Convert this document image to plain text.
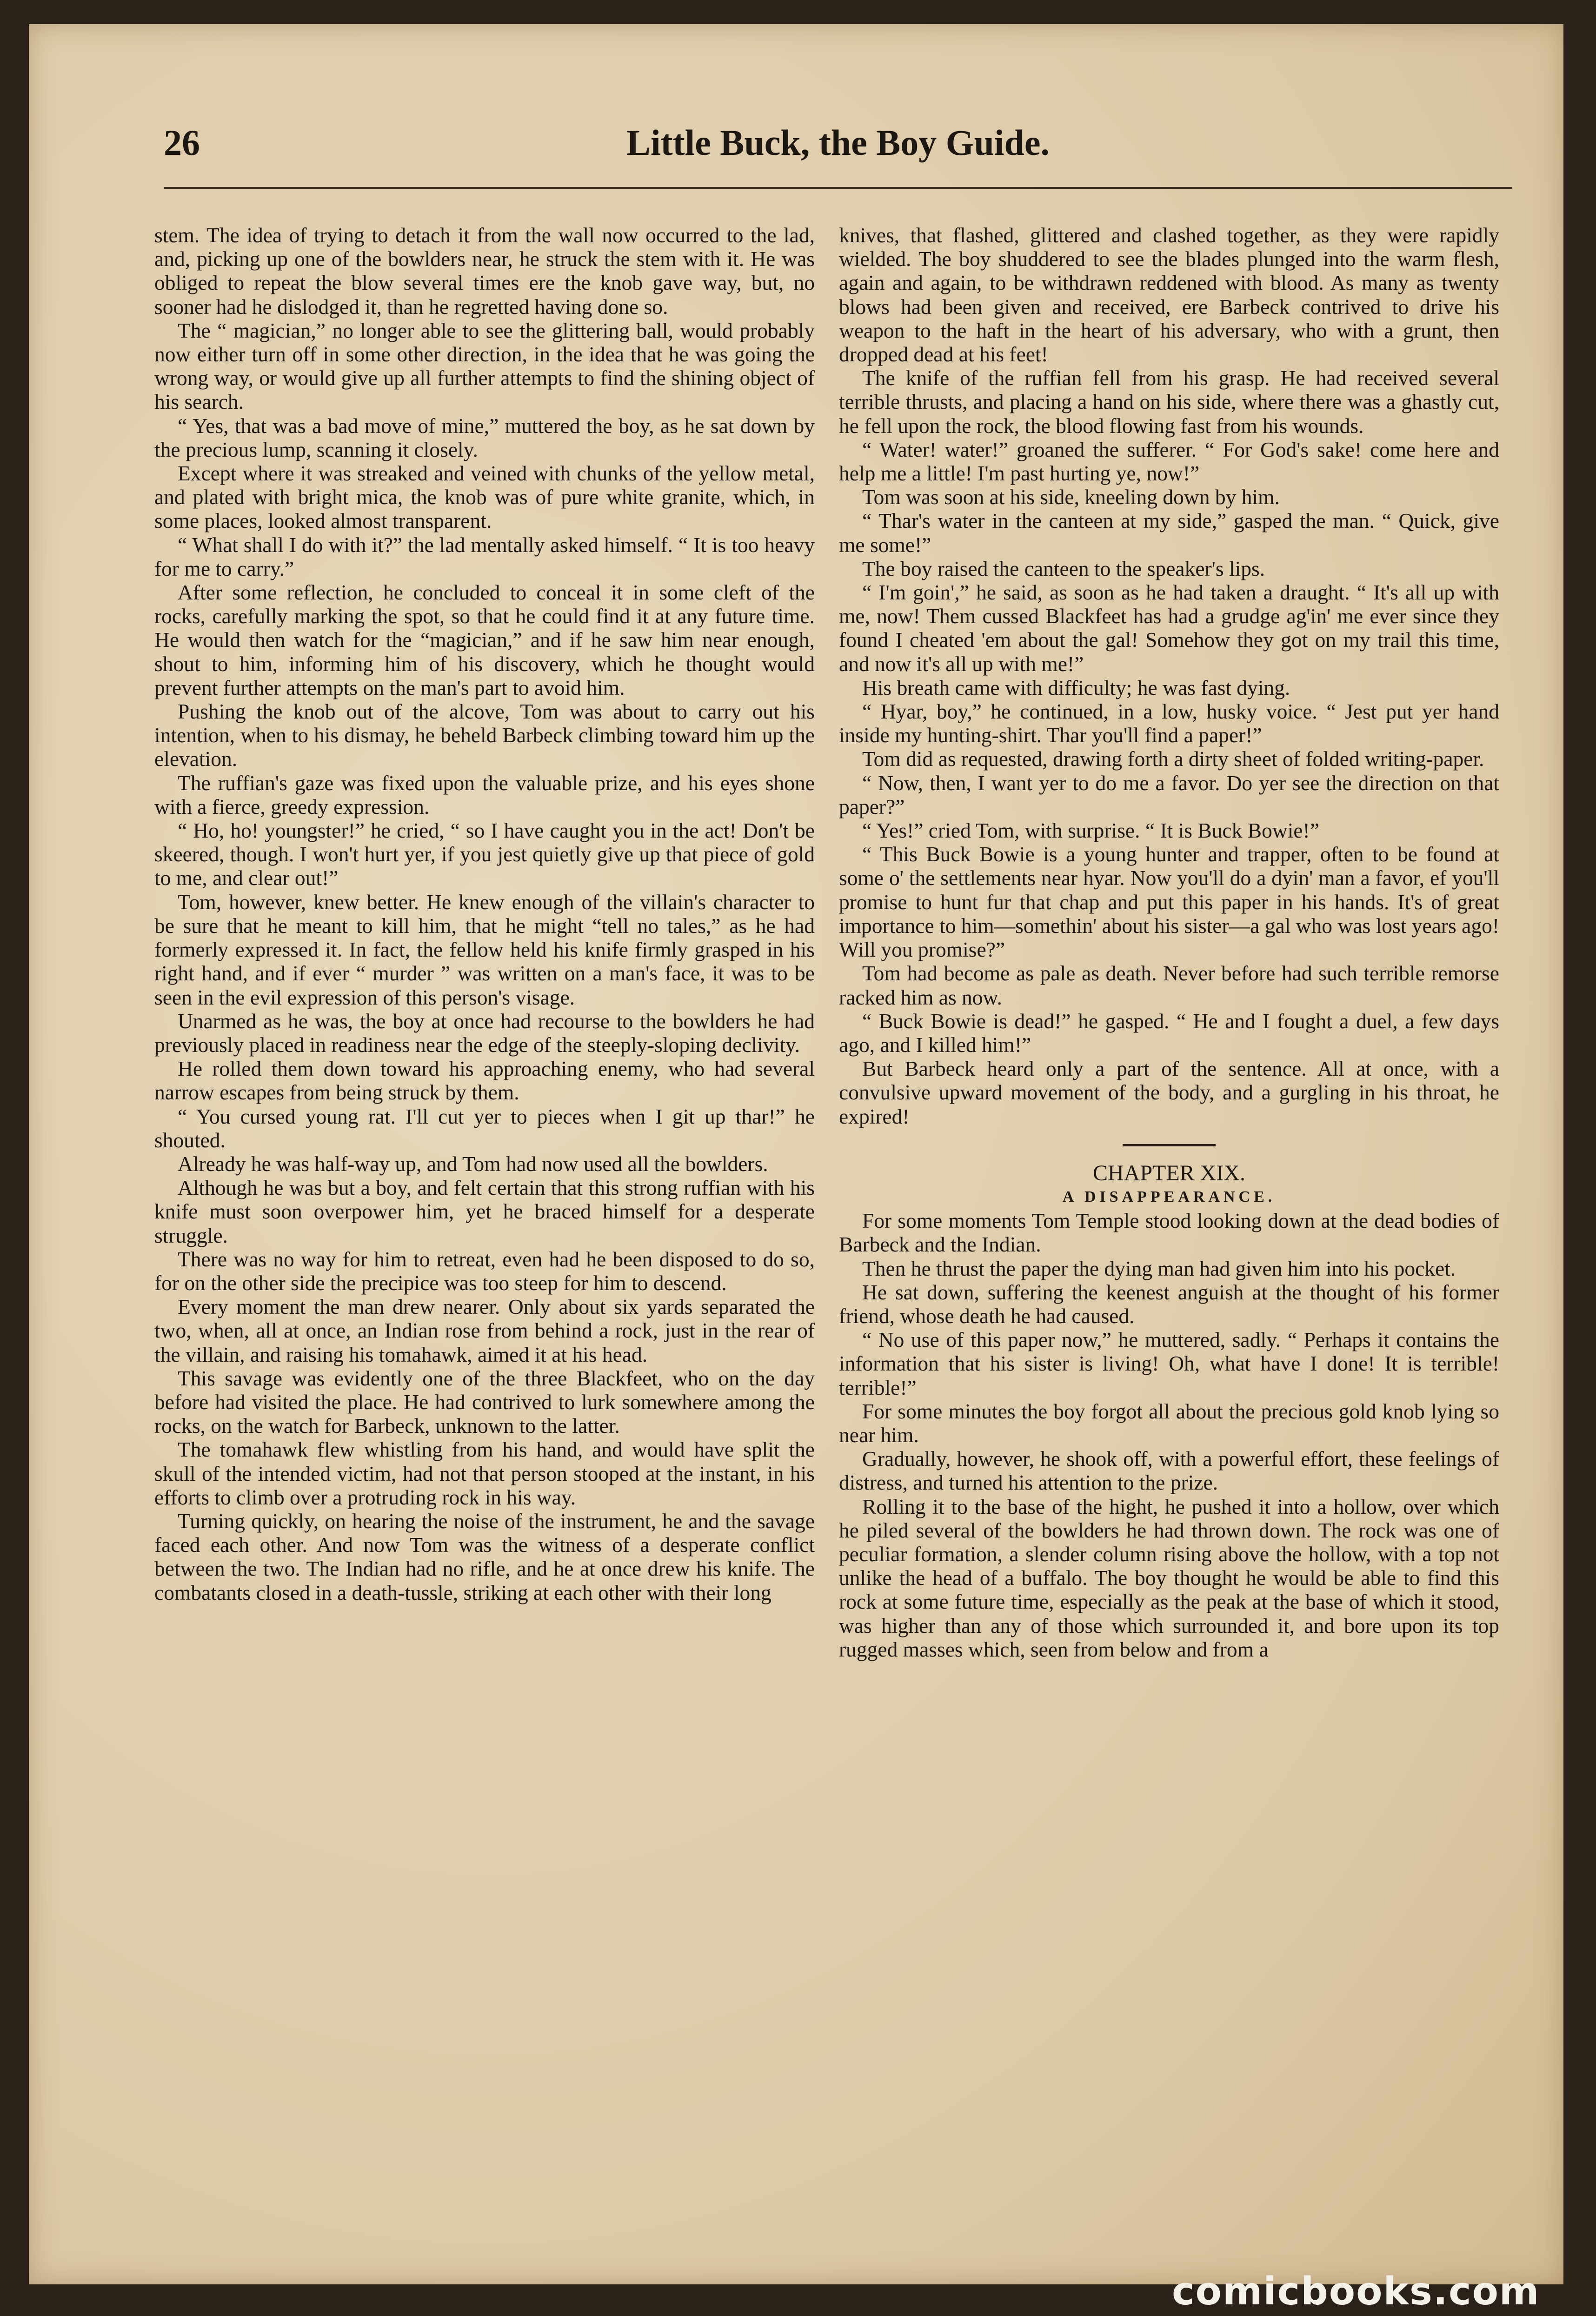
26	Little Buck, the Boy Guide.

stem. The idea of trying to detach it from the wall now occurred to the lad, and, picking up one of the bowlders near, he struck the stem with it. He was obliged to repeat the blow several times ere the knob gave way, but, no sooner had he dislodged it, than he regretted having done so.

The “ magician,” no longer able to see the glittering ball, would probably now either turn off in some other direction, in the idea that he was going the wrong way, or would give up all further attempts to find the shining object of his search.

“ Yes, that was a bad move of mine,” muttered the boy, as he sat down by the precious lump, scanning it closely.

Except where it was streaked and veined with chunks of the yellow metal, and plated with bright mica, the knob was of pure white granite, which, in some places, looked almost transparent.

“ What shall I do with it?” the lad mentally asked himself. “ It is too heavy for me to carry.”

After some reflection, he concluded to conceal it in some cleft of the rocks, carefully marking the spot, so that he could find it at any future time. He would then watch for the “magician,” and if he saw him near enough, shout to him, informing him of his discovery, which he thought would prevent further attempts on the man's part to avoid him.

Pushing the knob out of the alcove, Tom was about to carry out his intention, when to his dismay, he beheld Barbeck climbing toward him up the elevation.

The ruffian's gaze was fixed upon the valuable prize, and his eyes shone with a fierce, greedy expression.

“ Ho, ho! youngster!” he cried, “ so I have caught you in the act! Don't be skeered, though. I won't hurt yer, if you jest quietly give up that piece of gold to me, and clear out!”

Tom, however, knew better. He knew enough of the villain's character to be sure that he meant to kill him, that he might “tell no tales,” as he had formerly expressed it. In fact, the fellow held his knife firmly grasped in his right hand, and if ever “ murder ” was written on a man's face, it was to be seen in the evil expression of this person's visage.

Unarmed as he was, the boy at once had recourse to the bowlders he had previously placed in readiness near the edge of the steeply-sloping declivity.

He rolled them down toward his approaching enemy, who had several narrow escapes from being struck by them.

“ You cursed young rat. I'll cut yer to pieces when I git up thar!” he shouted.

Already he was half-way up, and Tom had now used all the bowlders.

Although he was but a boy, and felt certain that this strong ruffian with his knife must soon overpower him, yet he braced himself for a desperate struggle.

There was no way for him to retreat, even had he been disposed to do so, for on the other side the precipice was too steep for him to descend.

Every moment the man drew nearer. Only about six yards separated the two, when, all at once, an Indian rose from behind a rock, just in the rear of the villain, and raising his tomahawk, aimed it at his head.

This savage was evidently one of the three Blackfeet, who on the day before had visited the place. He had contrived to lurk somewhere among the rocks, on the watch for Barbeck, unknown to the latter.

The tomahawk flew whistling from his hand, and would have split the skull of the intended victim, had not that person stooped at the instant, in his efforts to climb over a protruding rock in his way.

Turning quickly, on hearing the noise of the instrument, he and the savage faced each other. And now Tom was the witness of a desperate conflict between the two. The Indian had no rifle, and he at once drew his knife. The combatants closed in a death-tussle, striking at each other with their long

knives, that flashed, glittered and clashed together, as they were rapidly wielded. The boy shuddered to see the blades plunged into the warm flesh, again and again, to be withdrawn reddened with blood. As many as twenty blows had been given and received, ere Barbeck contrived to drive his weapon to the haft in the heart of his adversary, who with a grunt, then dropped dead at his feet!

The knife of the ruffian fell from his grasp. He had received several terrible thrusts, and placing a hand on his side, where there was a ghastly cut, he fell upon the rock, the blood flowing fast from his wounds.

“ Water! water!” groaned the sufferer. “ For God's sake! come here and help me a little! I'm past hurting ye, now!”

Tom was soon at his side, kneeling down by him.

“ Thar's water in the canteen at my side,” gasped the man. “ Quick, give me some!”

The boy raised the canteen to the speaker's lips.

“ I'm goin',” he said, as soon as he had taken a draught. “ It's all up with me, now! Them cussed Blackfeet has had a grudge ag'in' me ever since they found I cheated 'em about the gal! Somehow they got on my trail this time, and now it's all up with me!”

His breath came with difficulty; he was fast dying.

“ Hyar, boy,” he continued, in a low, husky voice. “ Jest put yer hand inside my hunting-shirt. Thar you'll find a paper!”

Tom did as requested, drawing forth a dirty sheet of folded writing-paper.

“ Now, then, I want yer to do me a favor. Do yer see the direction on that paper?”

“ Yes!” cried Tom, with surprise. “ It is Buck Bowie!”

“ This Buck Bowie is a young hunter and trapper, often to be found at some o' the settlements near hyar. Now you'll do a dyin' man a favor, ef you'll promise to hunt fur that chap and put this paper in his hands. It's of great importance to him—somethin' about his sister—a gal who was lost years ago! Will you promise?”

Tom had become as pale as death. Never before had such terrible remorse racked him as now.

“ Buck Bowie is dead!” he gasped. “ He and I fought a duel, a few days ago, and I killed him!”

But Barbeck heard only a part of the sentence. All at once, with a convulsive upward movement of the body, and a gurgling in his throat, he expired!

CHAPTER XIX.

A DISAPPEARANCE.

For some moments Tom Temple stood looking down at the dead bodies of Barbeck and the Indian.

Then he thrust the paper the dying man had given him into his pocket.

He sat down, suffering the keenest anguish at the thought of his former friend, whose death he had caused.

“ No use of this paper now,” he muttered, sadly. “ Perhaps it contains the information that his sister is living! Oh, what have I done! It is terrible! terrible!”

For some minutes the boy forgot all about the precious gold knob lying so near him.

Gradually, however, he shook off, with a powerful effort, these feelings of distress, and turned his attention to the prize.

Rolling it to the base of the hight, he pushed it into a hollow, over which he piled several of the bowlders he had thrown down. The rock was one of peculiar formation, a slender column rising above the hollow, with a top not unlike the head of a buffalo. The boy thought he would be able to find this rock at some future time, especially as the peak at the base of which it stood, was higher than any of those which surrounded it, and bore upon its top rugged masses which, seen from below and from a

comicbooks.com
